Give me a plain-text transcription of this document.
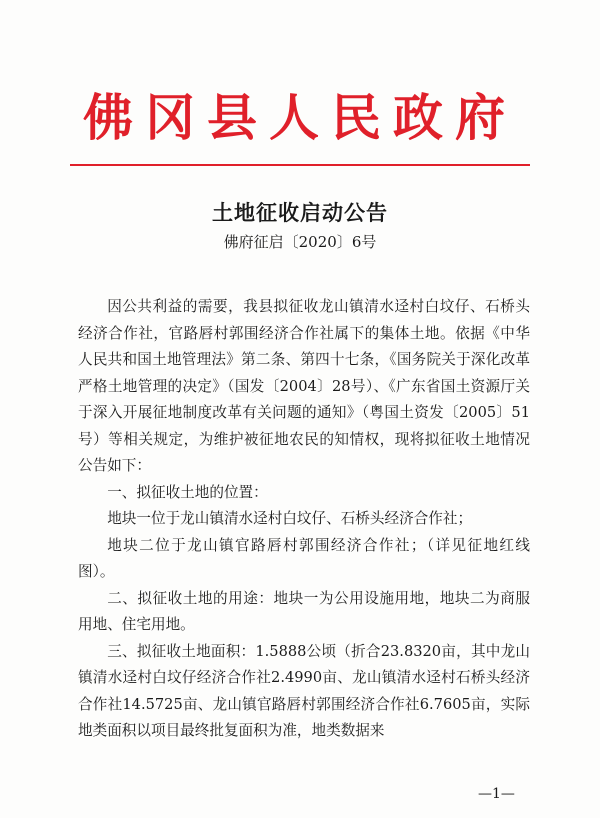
佛冈县人民政府
土地征收启动公告
佛府征启〔2020〕6号

因公共利益的需要，我县拟征收龙山镇清水迳村白坟仔、石桥头经济合作社，官路唇村郭围经济合作社属下的集体土地。依据《中华人民共和国土地管理法》第二条、第四十七条，《国务院关于深化改革严格土地管理的决定》（国发〔2004〕28号）、《广东省国土资源厅关于深入开展征地制度改革有关问题的通知》（粤国土资发〔2005〕51号）等相关规定，为维护被征地农民的知情权，现将拟征收土地情况公告如下：

一、拟征收土地的位置：

地块一位于龙山镇清水迳村白坟仔、石桥头经济合作社；

地块二位于龙山镇官路唇村郭围经济合作社；（详见征地红线图）。

二、拟征收土地的用途：地块一为公用设施用地，地块二为商服用地、住宅用地。

三、拟征收土地面积：1.5888公顷（折合23.8320亩，其中龙山镇清水迳村白坟仔经济合作社2.4990亩、龙山镇清水迳村石桥头经济合作社14.5725亩、龙山镇官路唇村郭围经济合作社6.7605亩，实际地类面积以项目最终批复面积为准，地类数据来

—1—
